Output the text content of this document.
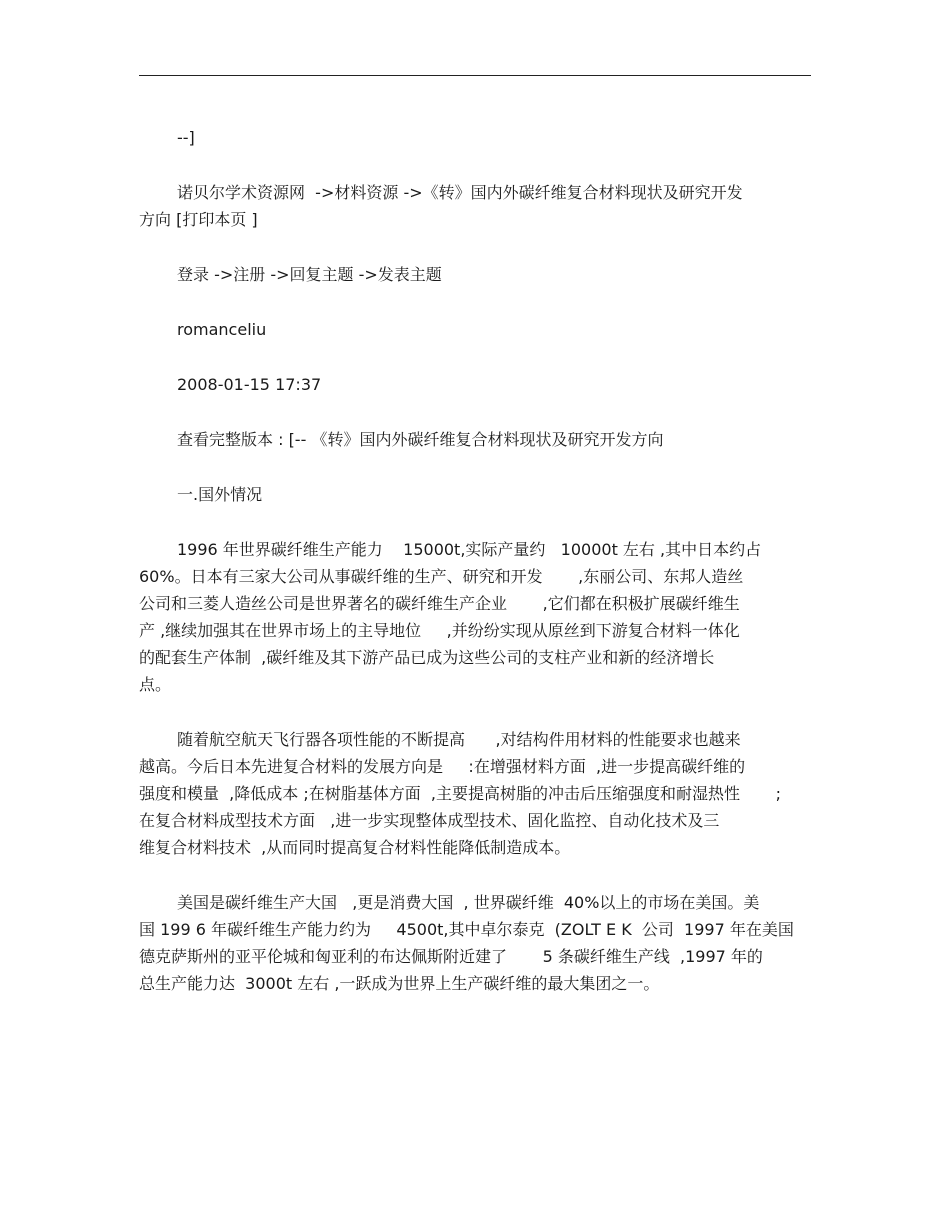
--]
诺贝尔学术资源网  ->材料资源 ->《转》国内外碳纤维复合材料现状及研究开发
方向 [打印本页 ]
登录 ->注册 ->回复主题 ->发表主题
romanceliu
2008-01-15 17:37
查看完整版本 : [-- 《转》国内外碳纤维复合材料现状及研究开发方向
一.国外情况
1996 年世界碳纤维生产能力    15000t,实际产量约   10000t 左右 ,其中日本约占
60%。日本有三家大公司从事碳纤维的生产、研究和开发       ,东丽公司、东邦人造丝
公司和三菱人造丝公司是世界著名的碳纤维生产企业       ,它们都在积极扩展碳纤维生
产 ,继续加强其在世界市场上的主导地位     ,并纷纷实现从原丝到下游复合材料一体化
的配套生产体制  ,碳纤维及其下游产品已成为这些公司的支柱产业和新的经济增长
点。
随着航空航天飞行器各项性能的不断提高      ,对结构件用材料的性能要求也越来
越高。今后日本先进复合材料的发展方向是     :在增强材料方面  ,进一步提高碳纤维的
强度和模量  ,降低成本 ;在树脂基体方面  ,主要提高树脂的冲击后压缩强度和耐湿热性       ;
在复合材料成型技术方面   ,进一步实现整体成型技术、固化监控、自动化技术及三
维复合材料技术  ,从而同时提高复合材料性能降低制造成本。
美国是碳纤维生产大国   ,更是消费大国  , 世界碳纤维  40%以上的市场在美国。美
国 199 6 年碳纤维生产能力约为     4500t,其中卓尔泰克  (ZOLT E K  公司  1997 年在美国
德克萨斯州的亚平伦城和匈亚利的布达佩斯附近建了       5 条碳纤维生产线  ,1997 年的
总生产能力达  3000t 左右 ,一跃成为世界上生产碳纤维的最大集团之一。
